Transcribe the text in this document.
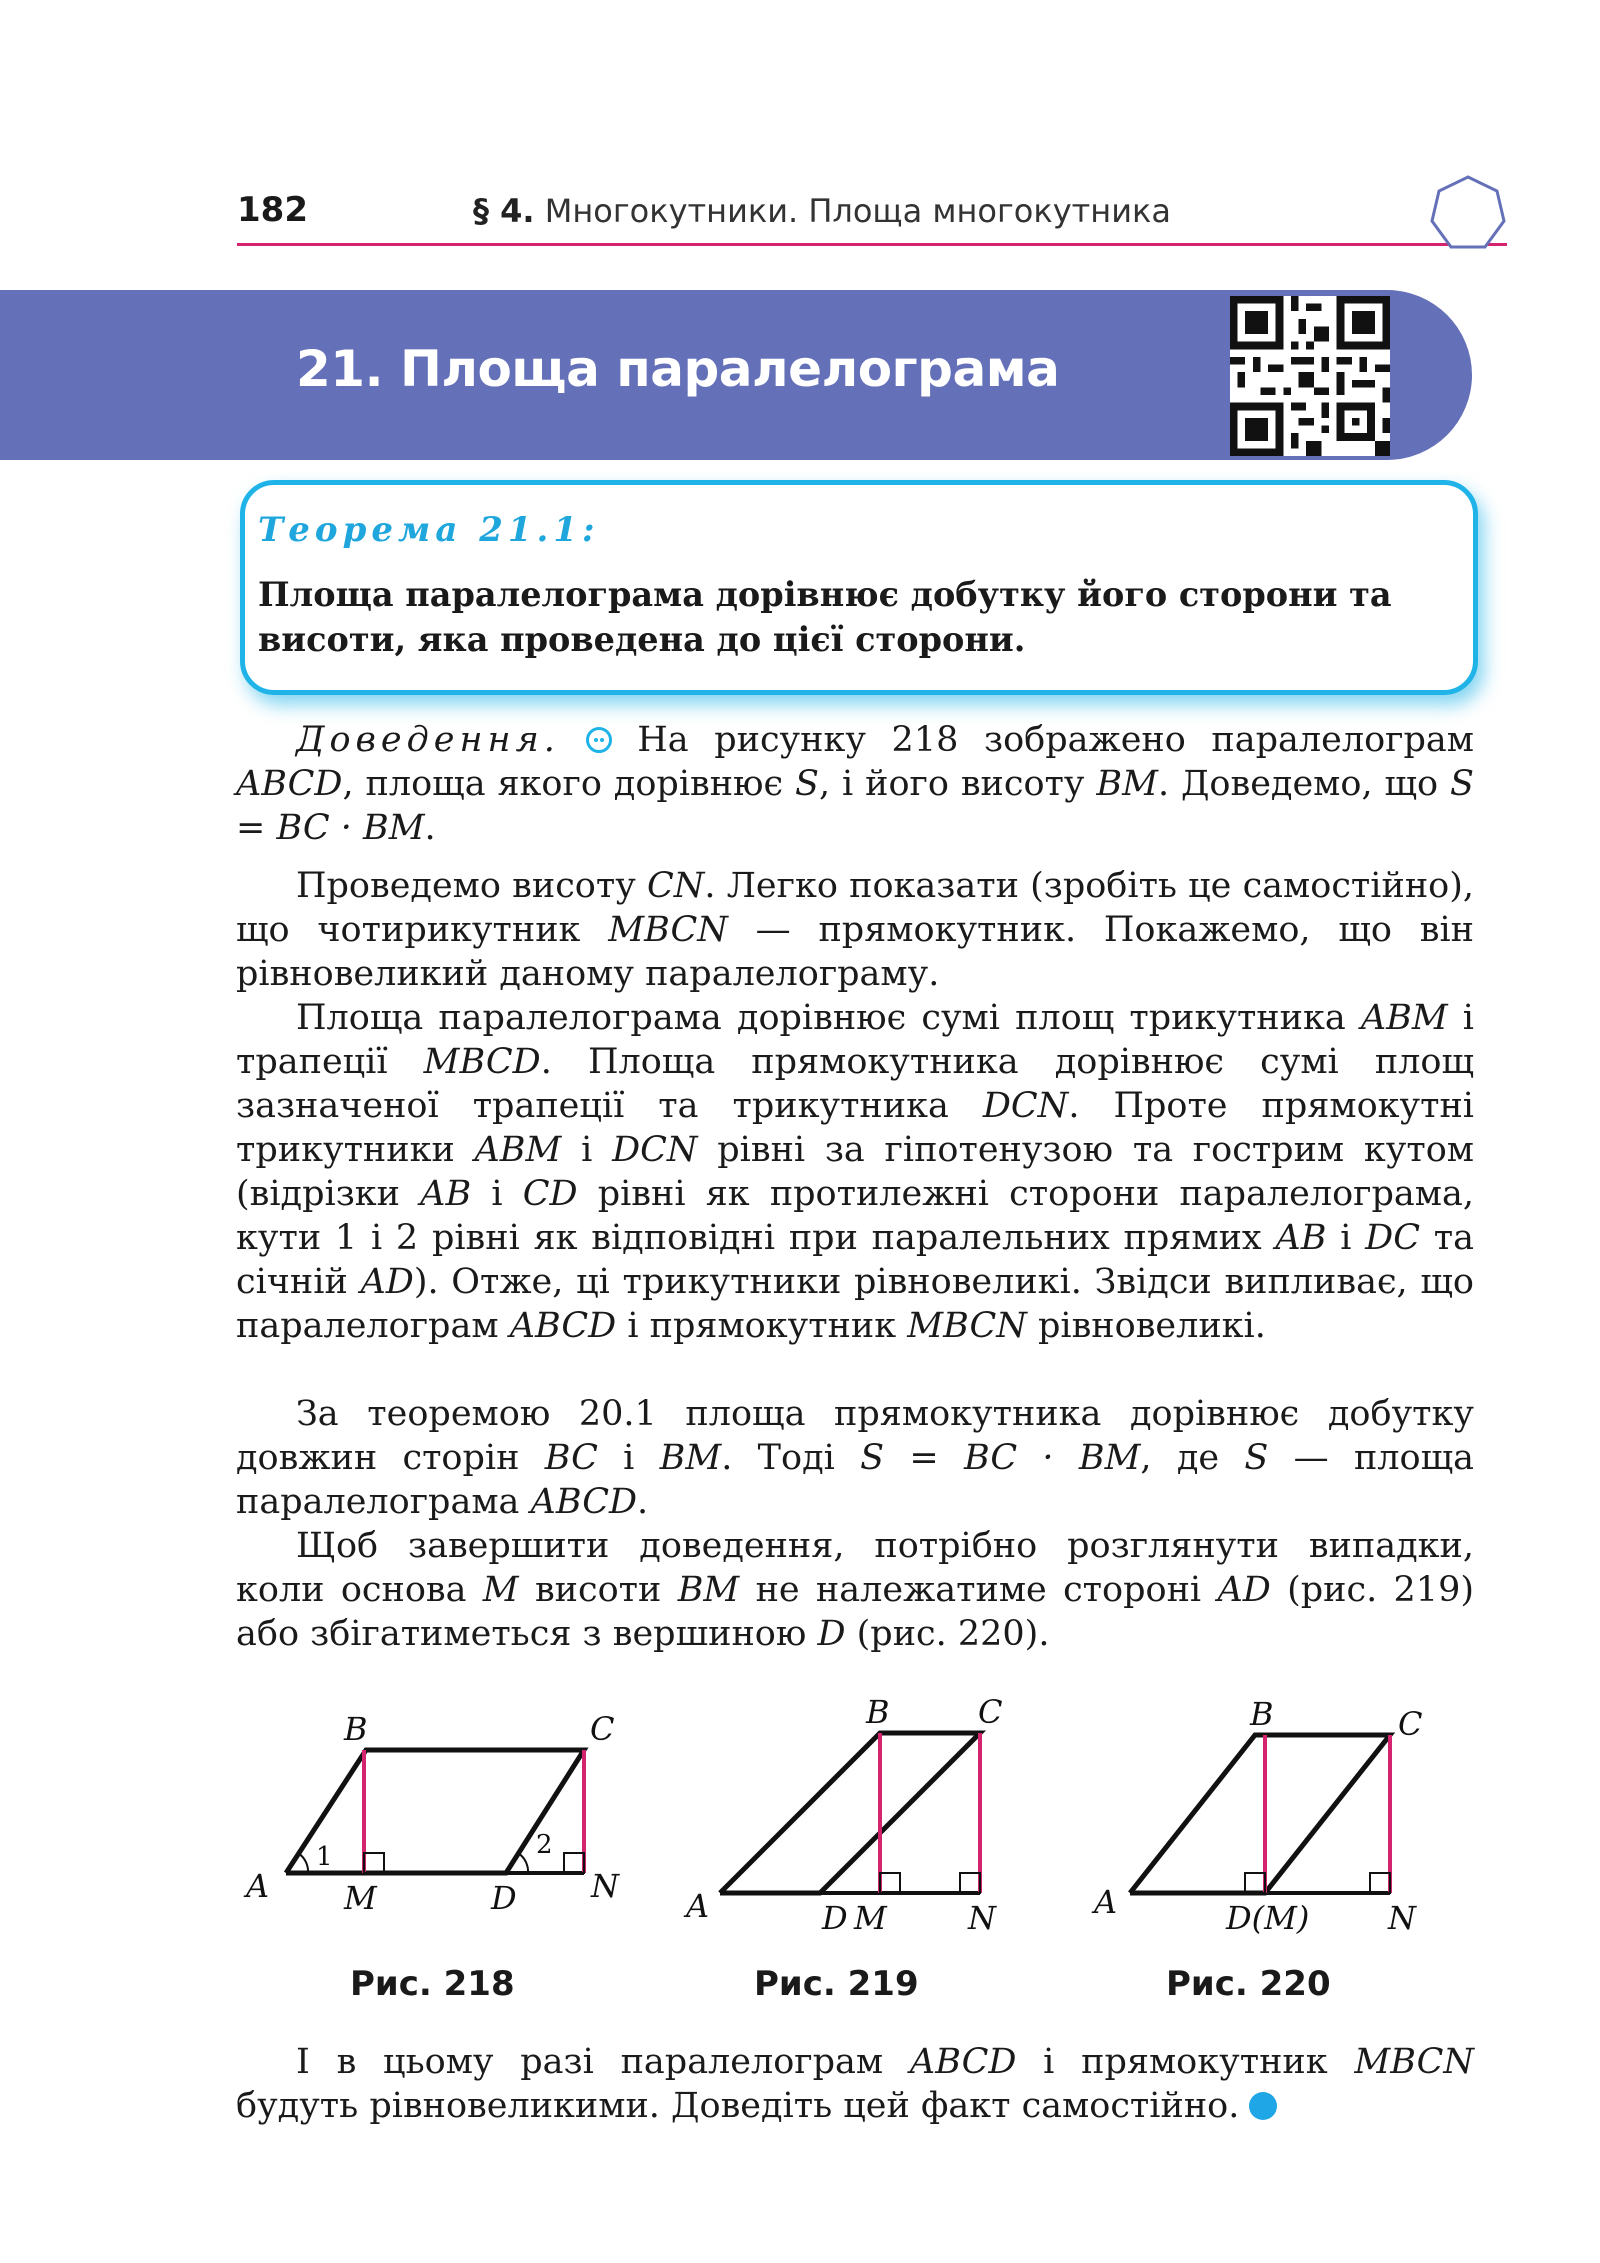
182	§ 4. Многокутники. Площа многокутника
21. Площа паралелограма
Теорема 21.1:
Площа паралелограма дорівнює добутку його сторони та висоти, яка проведена до цієї сторони.
Доведення.  На рисунку 218 зображено паралелограм ABCD, площа якого дорівнює S, і його висоту BM. Доведемо, що S = BC · BM.
Проведемо висоту CN. Легко показати (зробіть це самостійно), що чотирикутник MBCN — прямокутник. Покажемо, що він рівновеликий даному паралелограму.
Площа паралелограма дорівнює сумі площ трикутника ABM і трапеції MBCD. Площа прямокутника дорівнює сумі площ зазначеної трапеції та трикутника DCN. Проте прямокутні трикутники ABM і DCN рівні за гіпотенузою та гострим кутом (відрізки AB і CD рівні як протилежні сторони паралелограма, кути 1 і 2 рівні як відповідні при паралельних прямих AB і DC та січній AD). Отже, ці трикутники рівновеликі. Звідси випливає, що паралелограм ABCD і прямокутник MBCN рівновеликі.
За теоремою 20.1 площа прямокутника дорівнює добутку довжин сторін BC і BM. Тоді S = BC · BM, де S — площа паралелограма ABCD.
Щоб завершити доведення, потрібно розглянути випадки, коли основа M висоти BM не належатиме стороні AD (рис. 219) або збігатиметься з вершиною D (рис. 220).
A
B	C
D
M	N
1	2
Рис. 218
A
B	C
D M	N
Рис. 219
A
B	C
D(M) N
Рис. 220
І в цьому разі паралелограм ABCD і прямокутник MBCN будуть рівновеликими. Доведіть цей факт самостійно.
